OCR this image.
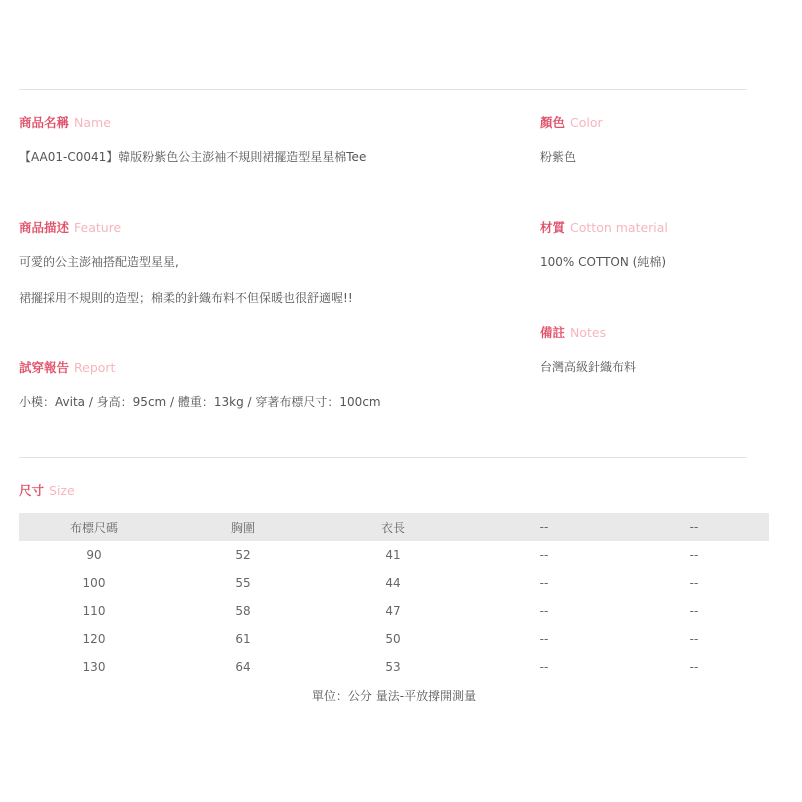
商品名稱 Name
【AA01-C0041】韓版粉紫色公主澎袖不規則裙擺造型星星棉Tee
顏色 Color
粉紫色
商品描述 Feature
可愛的公主澎袖搭配造型星星,
裙擺採用不規則的造型；棉柔的針織布料不但保暖也很舒適喔!!
材質 Cotton material
100% COTTON (純棉)
備註 Notes
台灣高級針織布料
試穿報告 Report
小模：Avita / 身高：95cm / 體重：13kg / 穿著布標尺寸：100cm
尺寸 Size
布標尺碼	胸圍	衣長	--	--
90	52	41	--	--
100	55	44	--	--
110	58	47	--	--
120	61	50	--	--
130	64	53	--	--
單位：公分 量法-平放撐開測量
